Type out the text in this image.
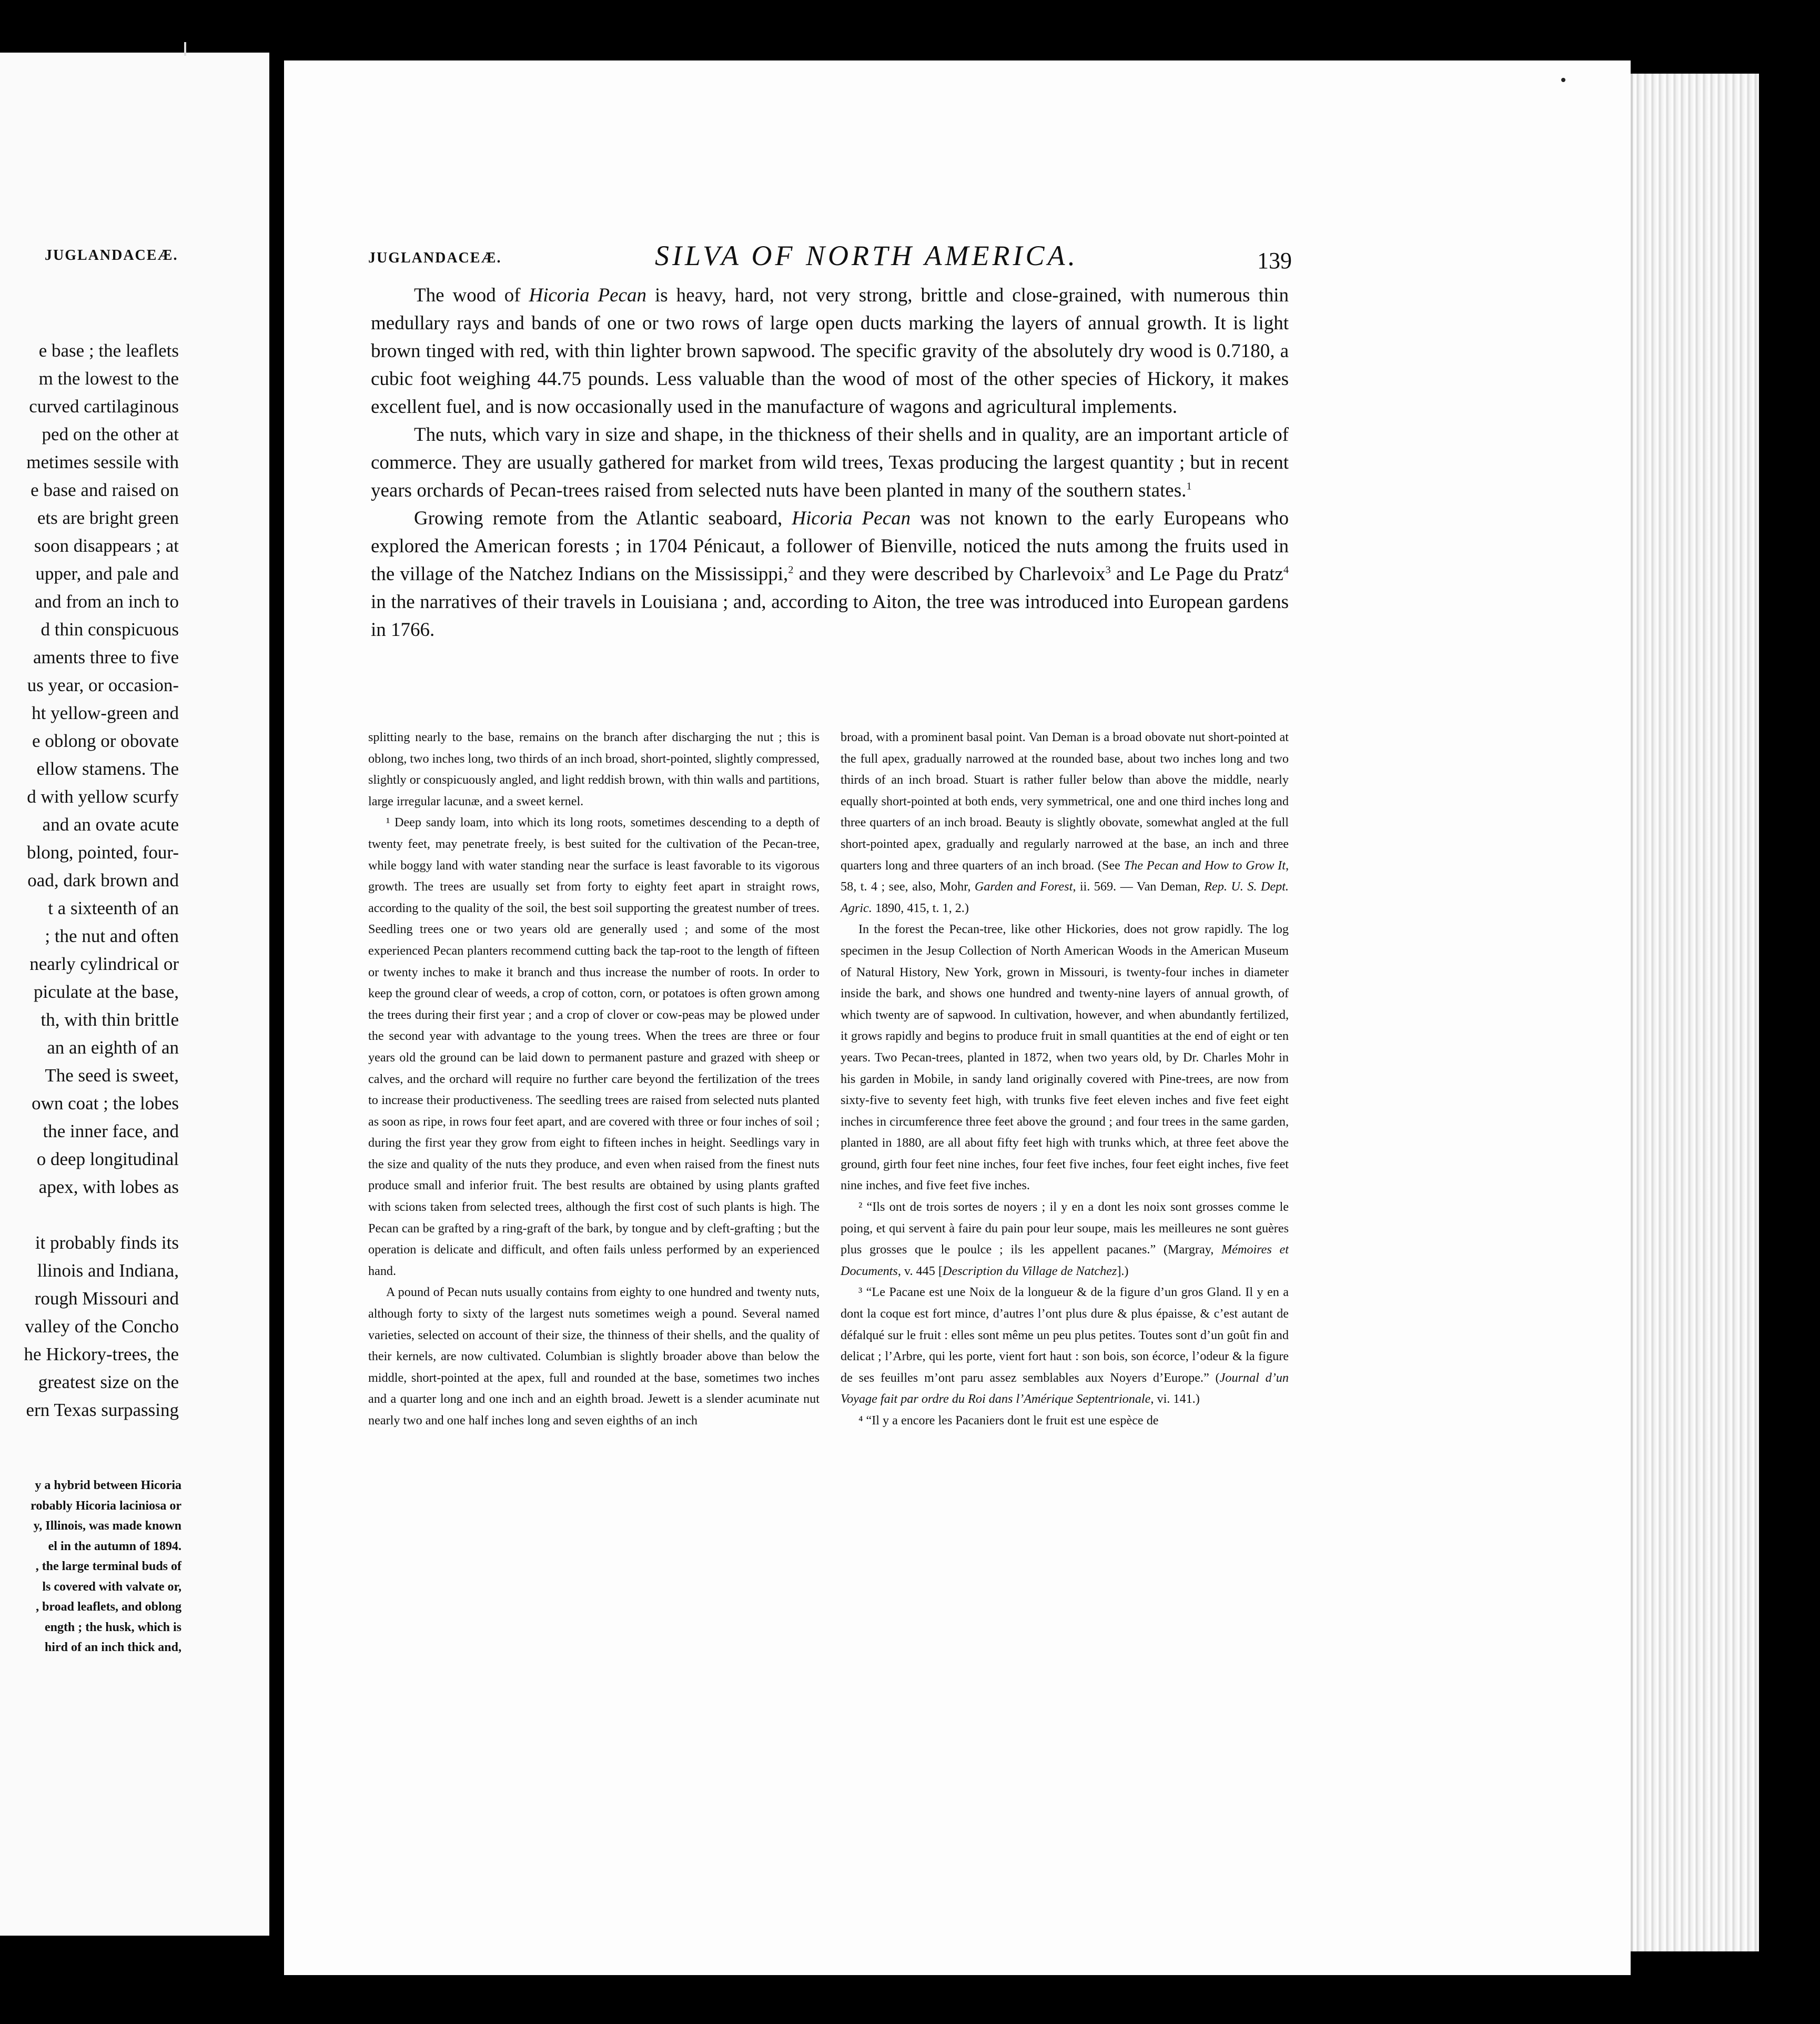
JUGLANDACEÆ.
e base ; the leaflets
m the lowest to the
curved cartilaginous
ped on the other at
metimes sessile with
e base and raised on
ets are bright green
soon disappears ; at
upper, and pale and
and from an inch to
d thin conspicuous
aments three to five
us year, or occasion-
ht yellow-green and
e oblong or obovate
ellow stamens. The
d with yellow scurfy
and an ovate acute
blong, pointed, four-
oad, dark brown and
t a sixteenth of an
; the nut and often
nearly cylindrical or
piculate at the base,
th, with thin brittle
an an eighth of an
The seed is sweet,
own coat ; the lobes
the inner face, and
o deep longitudinal
apex, with lobes as

it probably finds its
llinois and Indiana,
rough Missouri and
valley of the Concho
he Hickory-trees, the
greatest size on the
ern Texas surpassing
y a hybrid between Hicoria
robably Hicoria laciniosa or
y, Illinois, was made known
el in the autumn of 1894.
, the large terminal buds of
ls covered with valvate or,
, broad leaflets, and oblong
ength ; the husk, which is
hird of an inch thick and,
JUGLANDACEÆ.	SILVA OF NORTH AMERICA.	139

The wood of Hicoria Pecan is heavy, hard, not very strong, brittle and close-grained, with numerous thin medullary rays and bands of one or two rows of large open ducts marking the layers of annual growth. It is light brown tinged with red, with thin lighter brown sapwood. The specific gravity of the absolutely dry wood is 0.7180, a cubic foot weighing 44.75 pounds. Less valuable than the wood of most of the other species of Hickory, it makes excellent fuel, and is now occasionally used in the manufacture of wagons and agricultural implements.

The nuts, which vary in size and shape, in the thickness of their shells and in quality, are an important article of commerce. They are usually gathered for market from wild trees, Texas producing the largest quantity ; but in recent years orchards of Pecan-trees raised from selected nuts have been planted in many of the southern states.$^1$

Growing remote from the Atlantic seaboard, Hicoria Pecan was not known to the early Europeans who explored the American forests ; in 1704 Pénicaut, a follower of Bienville, noticed the nuts among the fruits used in the village of the Natchez Indians on the Mississippi,$^2$ and they were described by Charlevoix$^3$ and Le Page du Pratz$^4$ in the narratives of their travels in Louisiana ; and, according to Aiton, the tree was introduced into European gardens in 1766.

splitting nearly to the base, remains on the branch after discharging the nut ; this is oblong, two inches long, two thirds of an inch broad, short-pointed, slightly compressed, slightly or conspicuously angled, and light reddish brown, with thin walls and partitions, large irregular lacunæ, and a sweet kernel.

¹ Deep sandy loam, into which its long roots, sometimes descending to a depth of twenty feet, may penetrate freely, is best suited for the cultivation of the Pecan-tree, while boggy land with water standing near the surface is least favorable to its vigorous growth. The trees are usually set from forty to eighty feet apart in straight rows, according to the quality of the soil, the best soil supporting the greatest number of trees. Seedling trees one or two years old are generally used ; and some of the most experienced Pecan planters recommend cutting back the tap-root to the length of fifteen or twenty inches to make it branch and thus increase the number of roots. In order to keep the ground clear of weeds, a crop of cotton, corn, or potatoes is often grown among the trees during their first year ; and a crop of clover or cow-peas may be plowed under the second year with advantage to the young trees. When the trees are three or four years old the ground can be laid down to permanent pasture and grazed with sheep or calves, and the orchard will require no further care beyond the fertilization of the trees to increase their productiveness. The seedling trees are raised from selected nuts planted as soon as ripe, in rows four feet apart, and are covered with three or four inches of soil ; during the first year they grow from eight to fifteen inches in height. Seedlings vary in the size and quality of the nuts they produce, and even when raised from the finest nuts produce small and inferior fruit. The best results are obtained by using plants grafted with scions taken from selected trees, although the first cost of such plants is high. The Pecan can be grafted by a ring-graft of the bark, by tongue and by cleft-grafting ; but the operation is delicate and difficult, and often fails unless performed by an experienced hand.

A pound of Pecan nuts usually contains from eighty to one hundred and twenty nuts, although forty to sixty of the largest nuts sometimes weigh a pound. Several named varieties, selected on account of their size, the thinness of their shells, and the quality of their kernels, are now cultivated. Columbian is slightly broader above than below the middle, short-pointed at the apex, full and rounded at the base, sometimes two inches and a quarter long and one inch and an eighth broad. Jewett is a slender acuminate nut nearly two and one half inches long and seven eighths of an inch

broad, with a prominent basal point. Van Deman is a broad obovate nut short-pointed at the full apex, gradually narrowed at the rounded base, about two inches long and two thirds of an inch broad. Stuart is rather fuller below than above the middle, nearly equally short-pointed at both ends, very symmetrical, one and one third inches long and three quarters of an inch broad. Beauty is slightly obovate, somewhat angled at the full short-pointed apex, gradually and regularly narrowed at the base, an inch and three quarters long and three quarters of an inch broad. (See The Pecan and How to Grow It, 58, t. 4 ; see, also, Mohr, Garden and Forest, ii. 569. — Van Deman, Rep. U. S. Dept. Agric. 1890, 415, t. 1, 2.)

In the forest the Pecan-tree, like other Hickories, does not grow rapidly. The log specimen in the Jesup Collection of North American Woods in the American Museum of Natural History, New York, grown in Missouri, is twenty-four inches in diameter inside the bark, and shows one hundred and twenty-nine layers of annual growth, of which twenty are of sapwood. In cultivation, however, and when abundantly fertilized, it grows rapidly and begins to produce fruit in small quantities at the end of eight or ten years. Two Pecan-trees, planted in 1872, when two years old, by Dr. Charles Mohr in his garden in Mobile, in sandy land originally covered with Pine-trees, are now from sixty-five to seventy feet high, with trunks five feet eleven inches and five feet eight inches in circumference three feet above the ground ; and four trees in the same garden, planted in 1880, are all about fifty feet high with trunks which, at three feet above the ground, girth four feet nine inches, four feet five inches, four feet eight inches, five feet nine inches, and five feet five inches.

² “Ils ont de trois sortes de noyers ; il y en a dont les noix sont grosses comme le poing, et qui servent à faire du pain pour leur soupe, mais les meilleures ne sont guères plus grosses que le poulce ; ils les appellent pacanes.” (Margray, Mémoires et Documents, v. 445 [Description du Village de Natchez].)

³ “Le Pacane est une Noix de la longueur & de la figure d’un gros Gland. Il y en a dont la coque est fort mince, d’autres l’ont plus dure & plus épaisse, & c’est autant de défalqué sur le fruit : elles sont même un peu plus petites. Toutes sont d’un goût fin and delicat ; l’Arbre, qui les porte, vient fort haut : son bois, son écorce, l’odeur & la figure de ses feuilles m’ont paru assez semblables aux Noyers d’Europe.” (Journal d’un Voyage fait par ordre du Roi dans l’Amérique Septentrionale, vi. 141.)

⁴ “Il y a encore les Pacaniers dont le fruit est une espèce de
